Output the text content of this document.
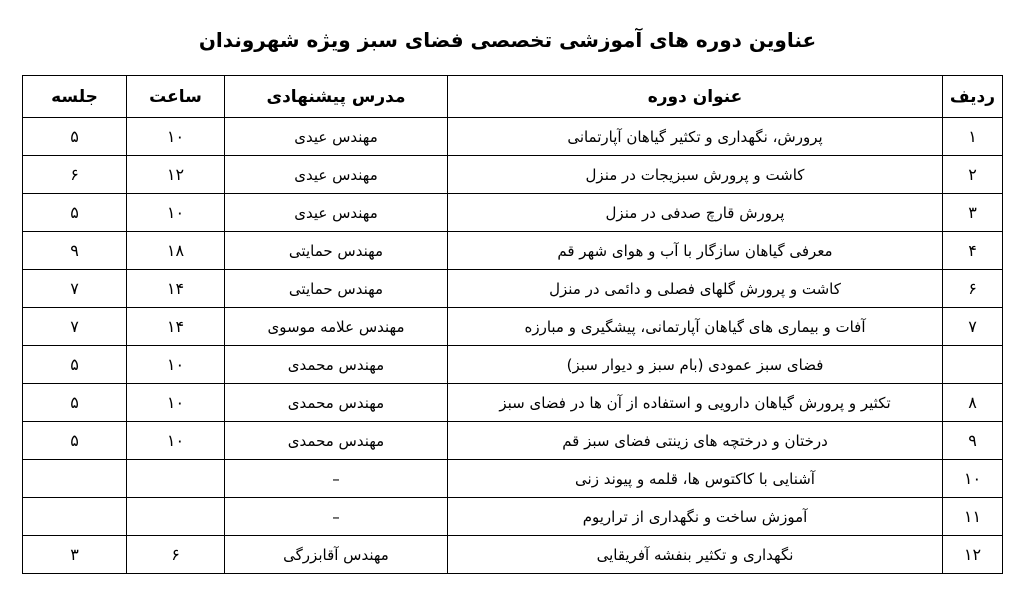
عناوین دوره های آموزشی تخصصی فضای سبز ویژه شهروندان
ردیف	عنوان دوره	مدرس پیشنهادی	ساعت	جلسه
۱	پرورش، نگهداری و تکثیر گیاهان آپارتمانی	مهندس عیدی	۱۰	۵
۲	کاشت و پرورش سبزیجات در منزل	مهندس عیدی	۱۲	۶
۳	پرورش قارچ صدفی در منزل	مهندس عیدی	۱۰	۵
۴	معرفی گیاهان سازگار با آب و هوای شهر قم	مهندس حمایتی	۱۸	۹
۶	کاشت و پرورش گلهای فصلی و دائمی در منزل	مهندس حمایتی	۱۴	۷
۷	آفات و بیماری های گیاهان آپارتمانی، پیشگیری و مبارزه	مهندس علامه موسوی	۱۴	۷
	فضای سبز عمودی (بام سبز و دیوار سبز)	مهندس محمدی	۱۰	۵
۸	تکثیر و پرورش گیاهان دارویی و استفاده از آن ها در فضای سبز	مهندس محمدی	۱۰	۵
۹	درختان و درختچه های زینتی فضای سبز قم	مهندس محمدی	۱۰	۵
۱۰	آشنایی با کاکتوس ها، قلمه و پیوند زنی	–		
۱۱	آموزش ساخت و نگهداری از تراریوم	–		
۱۲	نگهداری و تکثیر بنفشه آفریقایی	مهندس آقابزرگی	۶	۳
